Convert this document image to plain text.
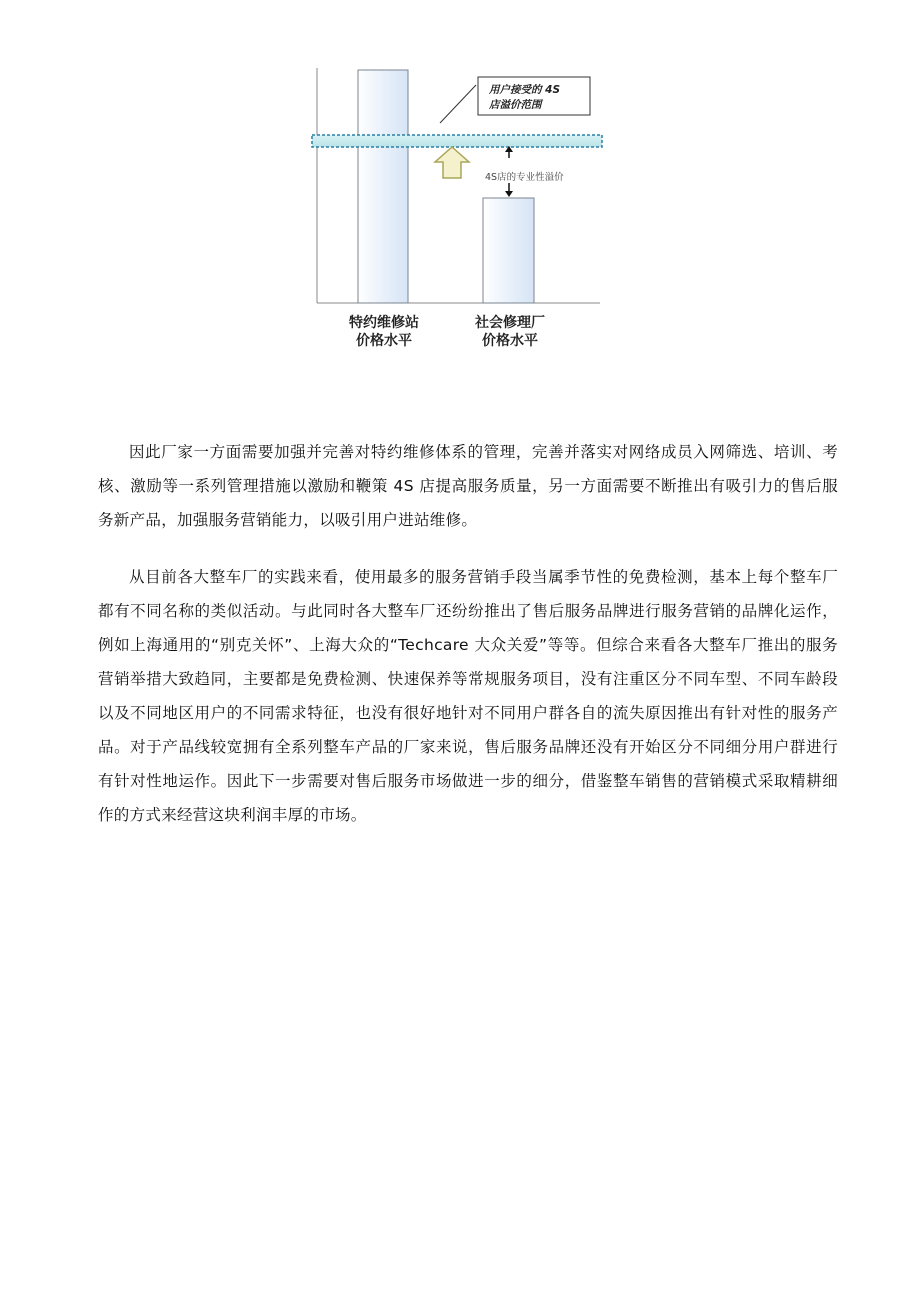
用户接受的 4S
店溢价范围
4S店的专业性溢价
特约维修站
价格水平
社会修理厂
价格水平

因此厂家一方面需要加强并完善对特约维修体系的管理，完善并落实对网络成员入网筛选、培训、考核、激励等一系列管理措施以激励和鞭策 4S 店提高服务质量，另一方面需要不断推出有吸引力的售后服务新产品，加强服务营销能力，以吸引用户进站维修。

从目前各大整车厂的实践来看，使用最多的服务营销手段当属季节性的免费检测，基本上每个整车厂都有不同名称的类似活动。与此同时各大整车厂还纷纷推出了售后服务品牌进行服务营销的品牌化运作，例如上海通用的“别克关怀”、上海大众的“Techcare 大众关爱”等等。但综合来看各大整车厂推出的服务营销举措大致趋同，主要都是免费检测、快速保养等常规服务项目，没有注重区分不同车型、不同车龄段以及不同地区用户的不同需求特征，也没有很好地针对不同用户群各自的流失原因推出有针对性的服务产品。对于产品线较宽拥有全系列整车产品的厂家来说，售后服务品牌还没有开始区分不同细分用户群进行有针对性地运作。因此下一步需要对售后服务市场做进一步的细分，借鉴整车销售的营销模式采取精耕细作的方式来经营这块利润丰厚的市场。
